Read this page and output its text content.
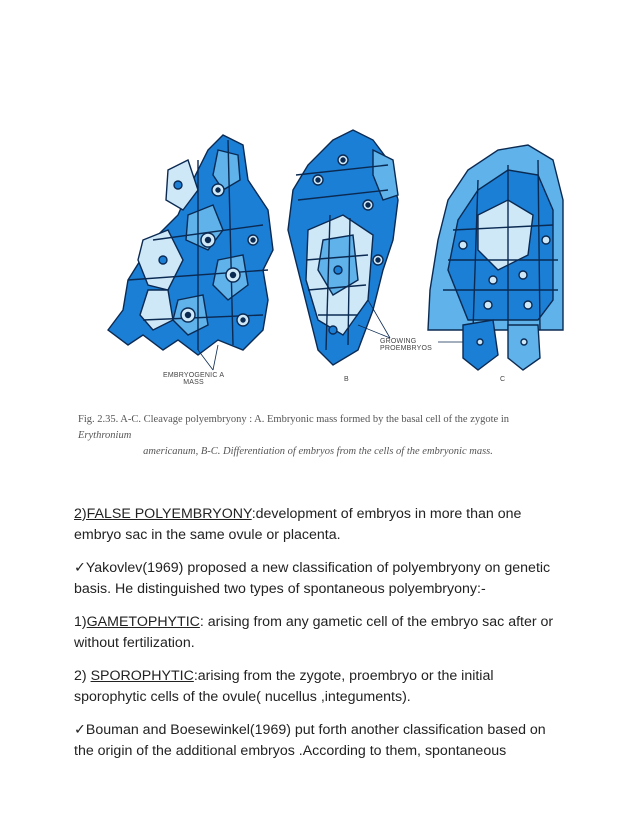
EMBRYOGENIC A
MASS	B
GROWING
PROEMBRYOS
C
Fig. 2.35. A-C. Cleavage polyembryony : A. Embryonic mass formed by the basal cell of the zygote in Erythronium
americanum, B-C. Differentiation of embryos from the cells of the embryonic mass.

2)FALSE POLYEMBRYONY:development of embryos in more than one embryo sac in the same ovule or placenta.

✓Yakovlev(1969) proposed a new classification of polyembryony on genetic basis. He distinguished two types of spontaneous polyembryony:-

1)GAMETOPHYTIC: arising from any gametic cell of the embryo sac after or without fertilization.

2) SPOROPHYTIC:arising from the zygote, proembryo or the initial sporophytic cells of the ovule( nucellus ,integuments).

✓Bouman and Boesewinkel(1969) put forth another classification based on the origin of the additional embryos .According to them, spontaneous
